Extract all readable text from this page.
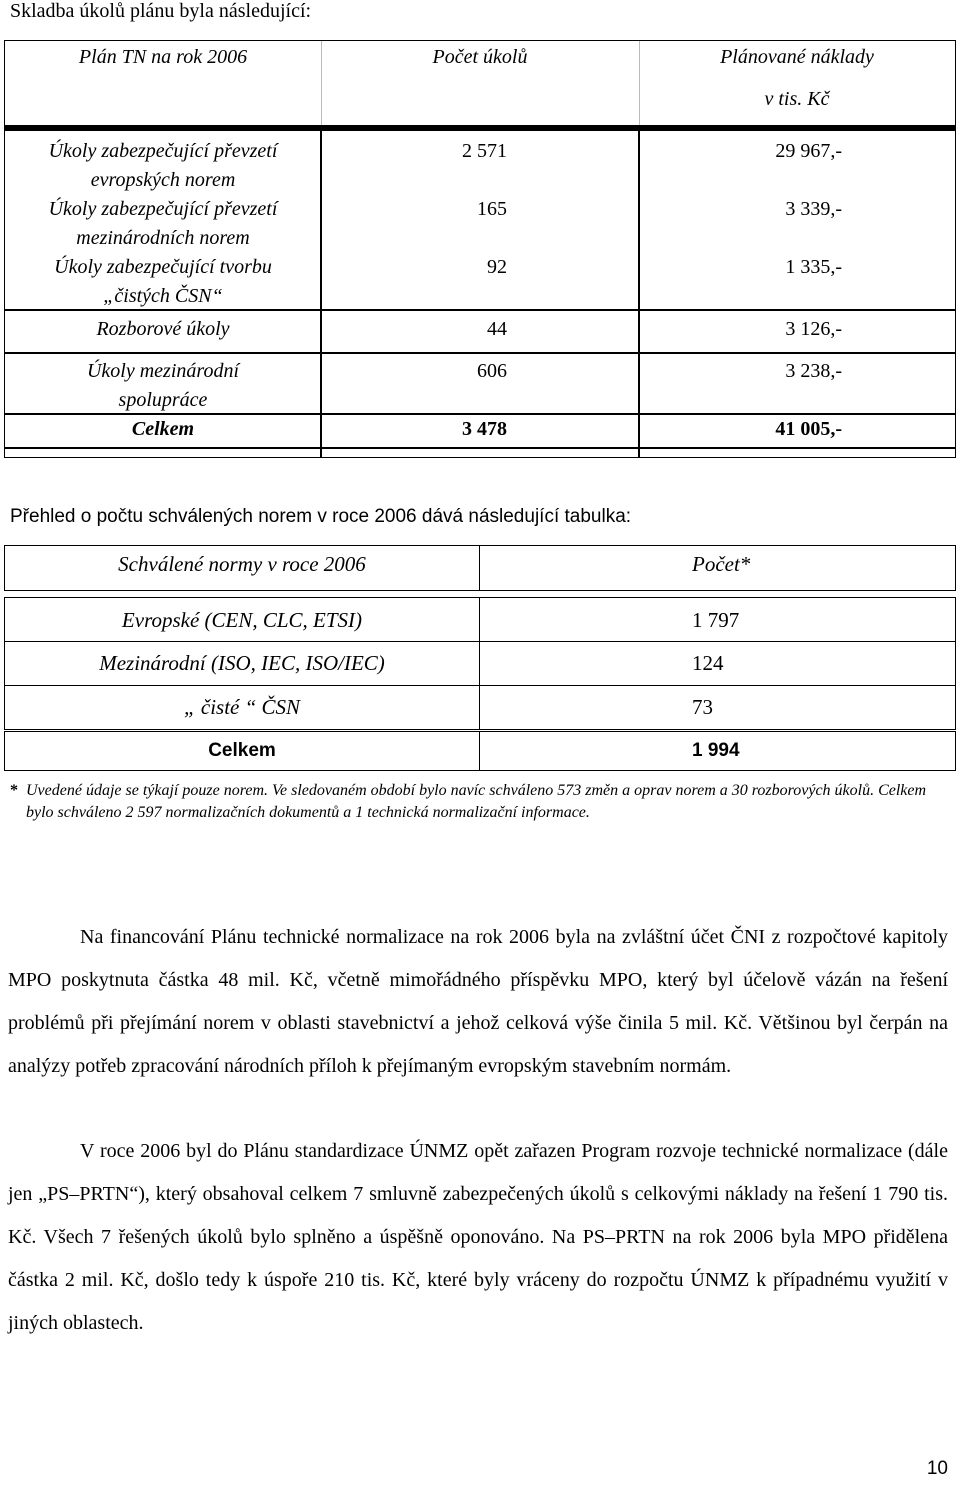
Skladba úkolů plánu byla následující:
Plán TN na rok 2006	Počet úkolů	Plánované náklady
v tis. Kč
Úkoly zabezpečující převzetí
evropských norem
2 571	29 967,-
Úkoly zabezpečující převzetí
mezinárodních norem
165	3 339,-
Úkoly zabezpečující tvorbu
„čistých ČSN“
92	1 335,-
Rozborové úkoly	44	3 126,-
Úkoly mezinárodní
spolupráce
606	3 238,-
Celkem	3 478	41 005,-
Přehled o počtu schválených norem v roce 2006 dává následující tabulka:
Schválené normy v roce 2006	Počet*
Evropské (CEN, CLC, ETSI)	1 797
Mezinárodní (ISO, IEC, ISO/IEC)	124
„ čisté “ ČSN	73
Celkem	1 994
* Uvedené údaje se týkají pouze norem. Ve sledovaném období bylo navíc schváleno 573 změn a oprav norem a 30 rozborových úkolů. Celkem bylo schváleno 2 597 normalizačních dokumentů a 1 technická normalizační informace.

Na financování Plánu technické normalizace na rok 2006 byla na zvláštní účet ČNI z rozpočtové kapitoly MPO poskytnuta částka 48 mil. Kč, včetně mimořádného příspěvku MPO, který byl účelově vázán na řešení problémů při přejímání norem v oblasti stavebnictví a jehož celková výše činila 5 mil. Kč. Většinou byl čerpán na analýzy potřeb zpracování národních příloh k přejímaným evropským stavebním normám.

V roce 2006 byl do Plánu standardizace ÚNMZ opět zařazen Program rozvoje technické normalizace (dále jen „PS–PRTN“), který obsahoval celkem 7 smluvně zabezpečených úkolů s celkovými náklady na řešení 1 790 tis. Kč. Všech 7 řešených úkolů bylo splněno a úspěšně oponováno. Na PS–PRTN na rok 2006 byla MPO přidělena částka 2 mil. Kč, došlo tedy k úspoře 210 tis. Kč, které byly vráceny do rozpočtu ÚNMZ k případnému využití v jiných oblastech.

10
